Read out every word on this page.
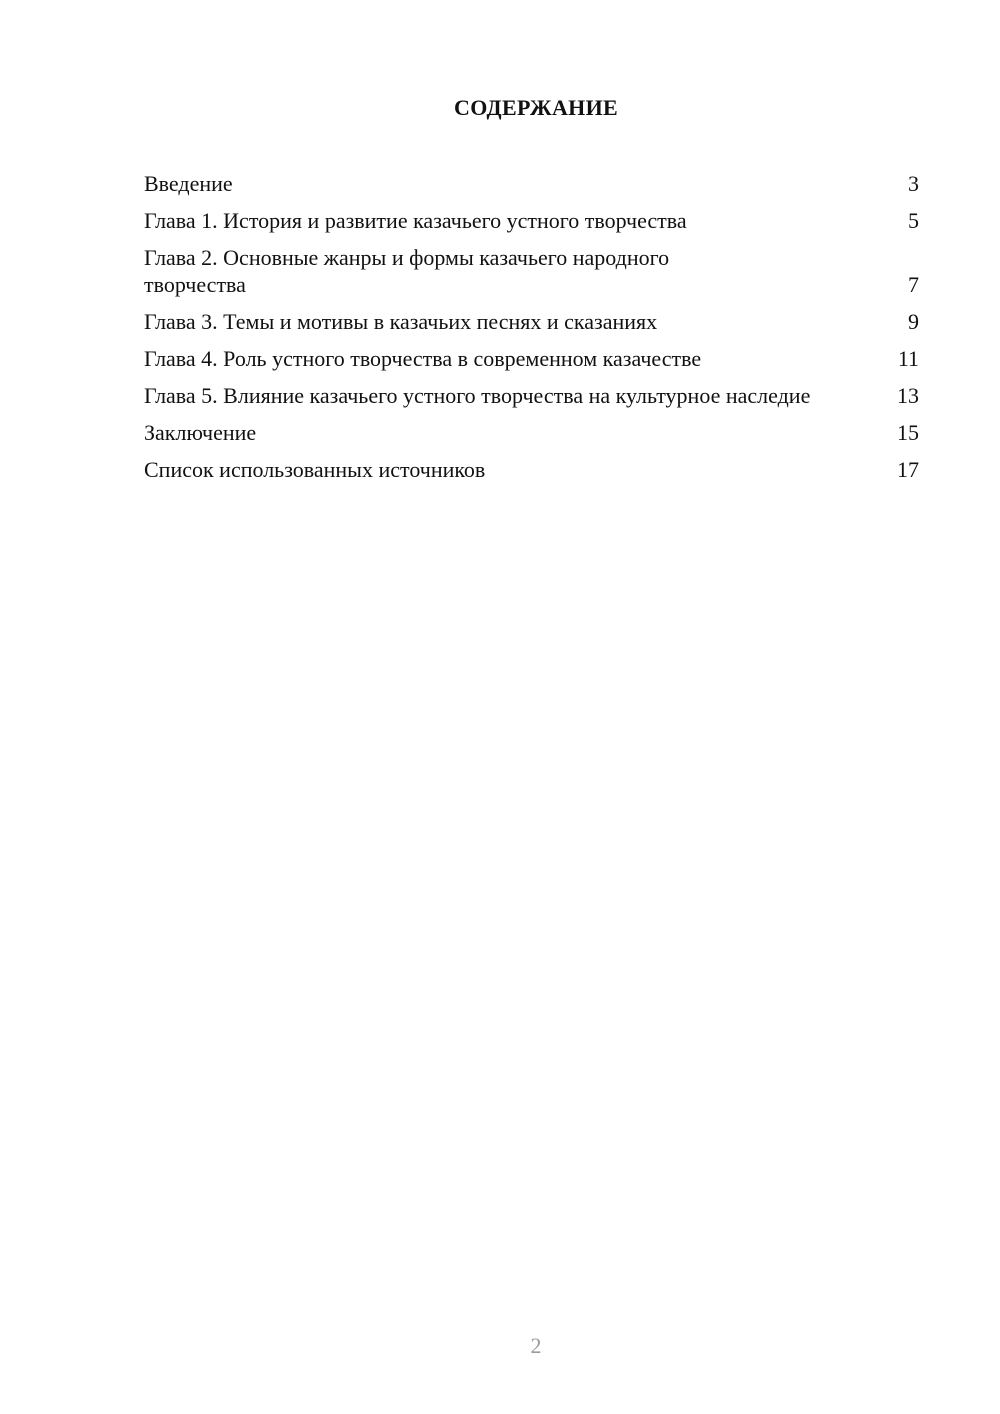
СОДЕРЖАНИЕ
Введение	3
Глава 1. История и развитие казачьего устного творчества	5
Глава 2. Основные жанры и формы казачьего народного творчества	7
Глава 3. Темы и мотивы в казачьих песнях и сказаниях	9
Глава 4. Роль устного творчества в современном казачестве	11
Глава 5. Влияние казачьего устного творчества на культурное наследие	13
Заключение	15
Список использованных источников	17
2
